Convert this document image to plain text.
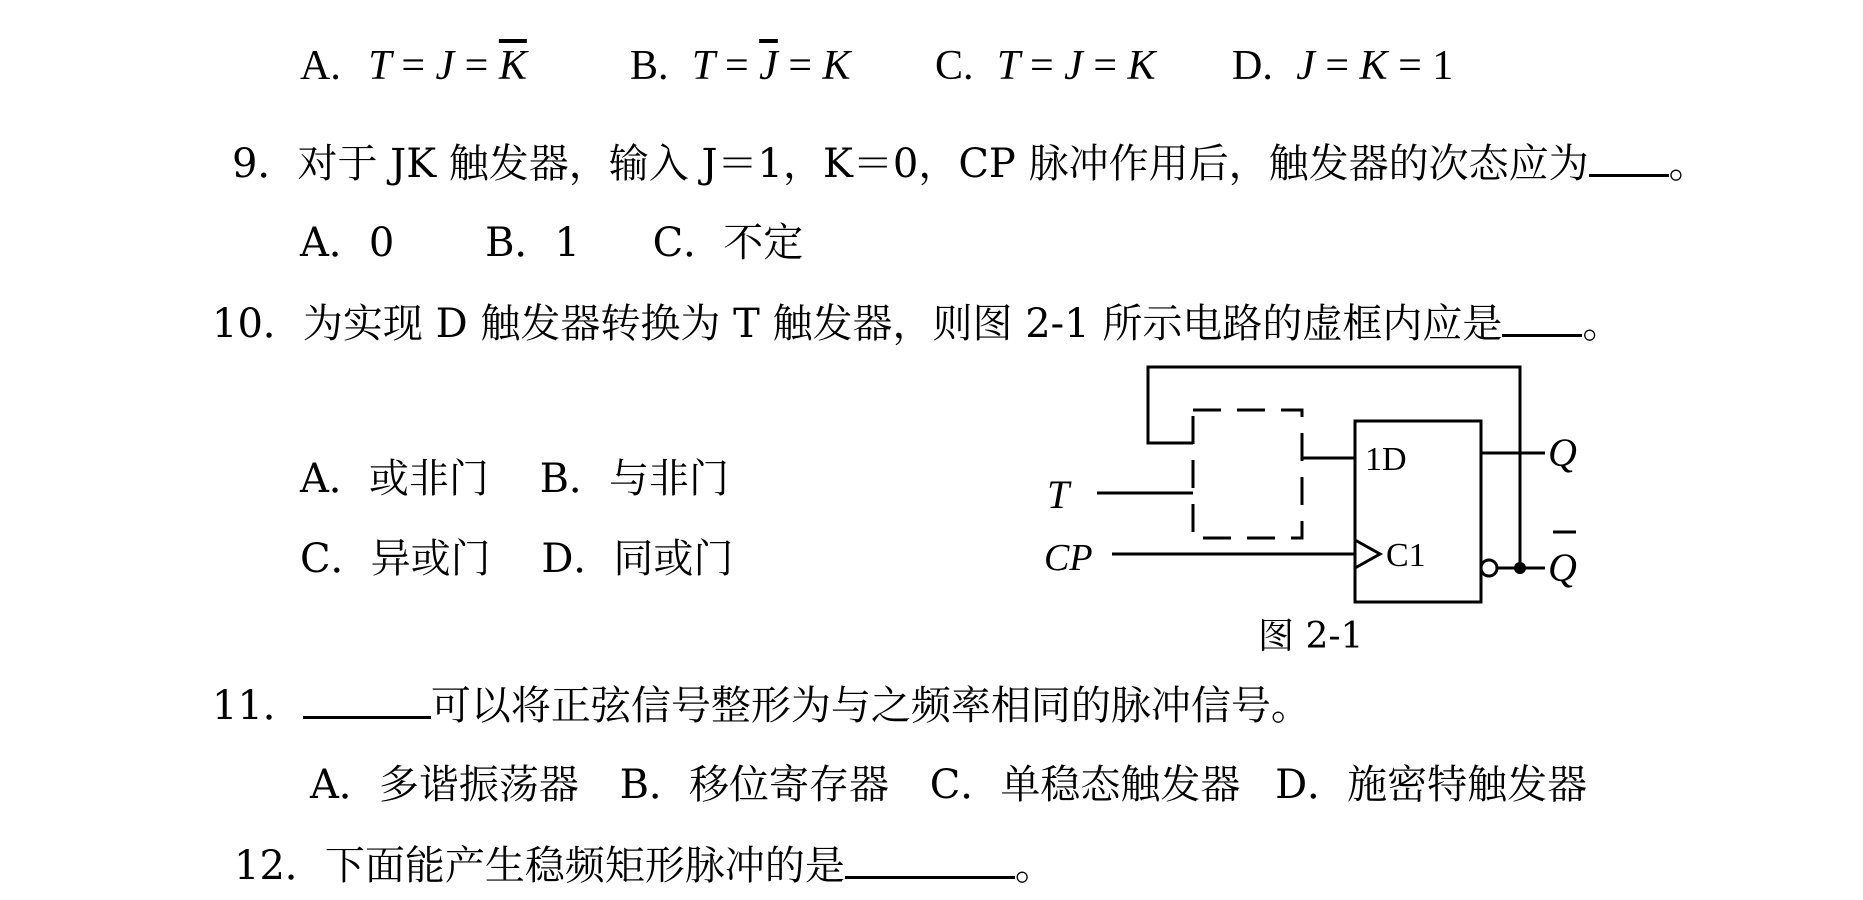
A. $T = J = \overline{K}$ B. $T = \overline{J} = K$ C. T = J = K D. J = K = 1
9．对于 JK 触发器，输入 J＝1，K＝0，CP 脉冲作用后，触发器的次态应为 。
A．0 B．1 C．不定
10．为实现 D 触发器转换为 T 触发器，则图 2-1 所示电路的虚框内应是 。
A．或非门 B．与非门
C．异或门 D．同或门
T
CP
1D
C1
Q
Q
图 2-1
11．	可以将正弦信号整形为与之频率相同的脉冲信号。
A．多谐振荡器 B．移位寄存器 C．单稳态触发器 D．施密特触发器
12．下面能产生稳频矩形脉冲的是	。
